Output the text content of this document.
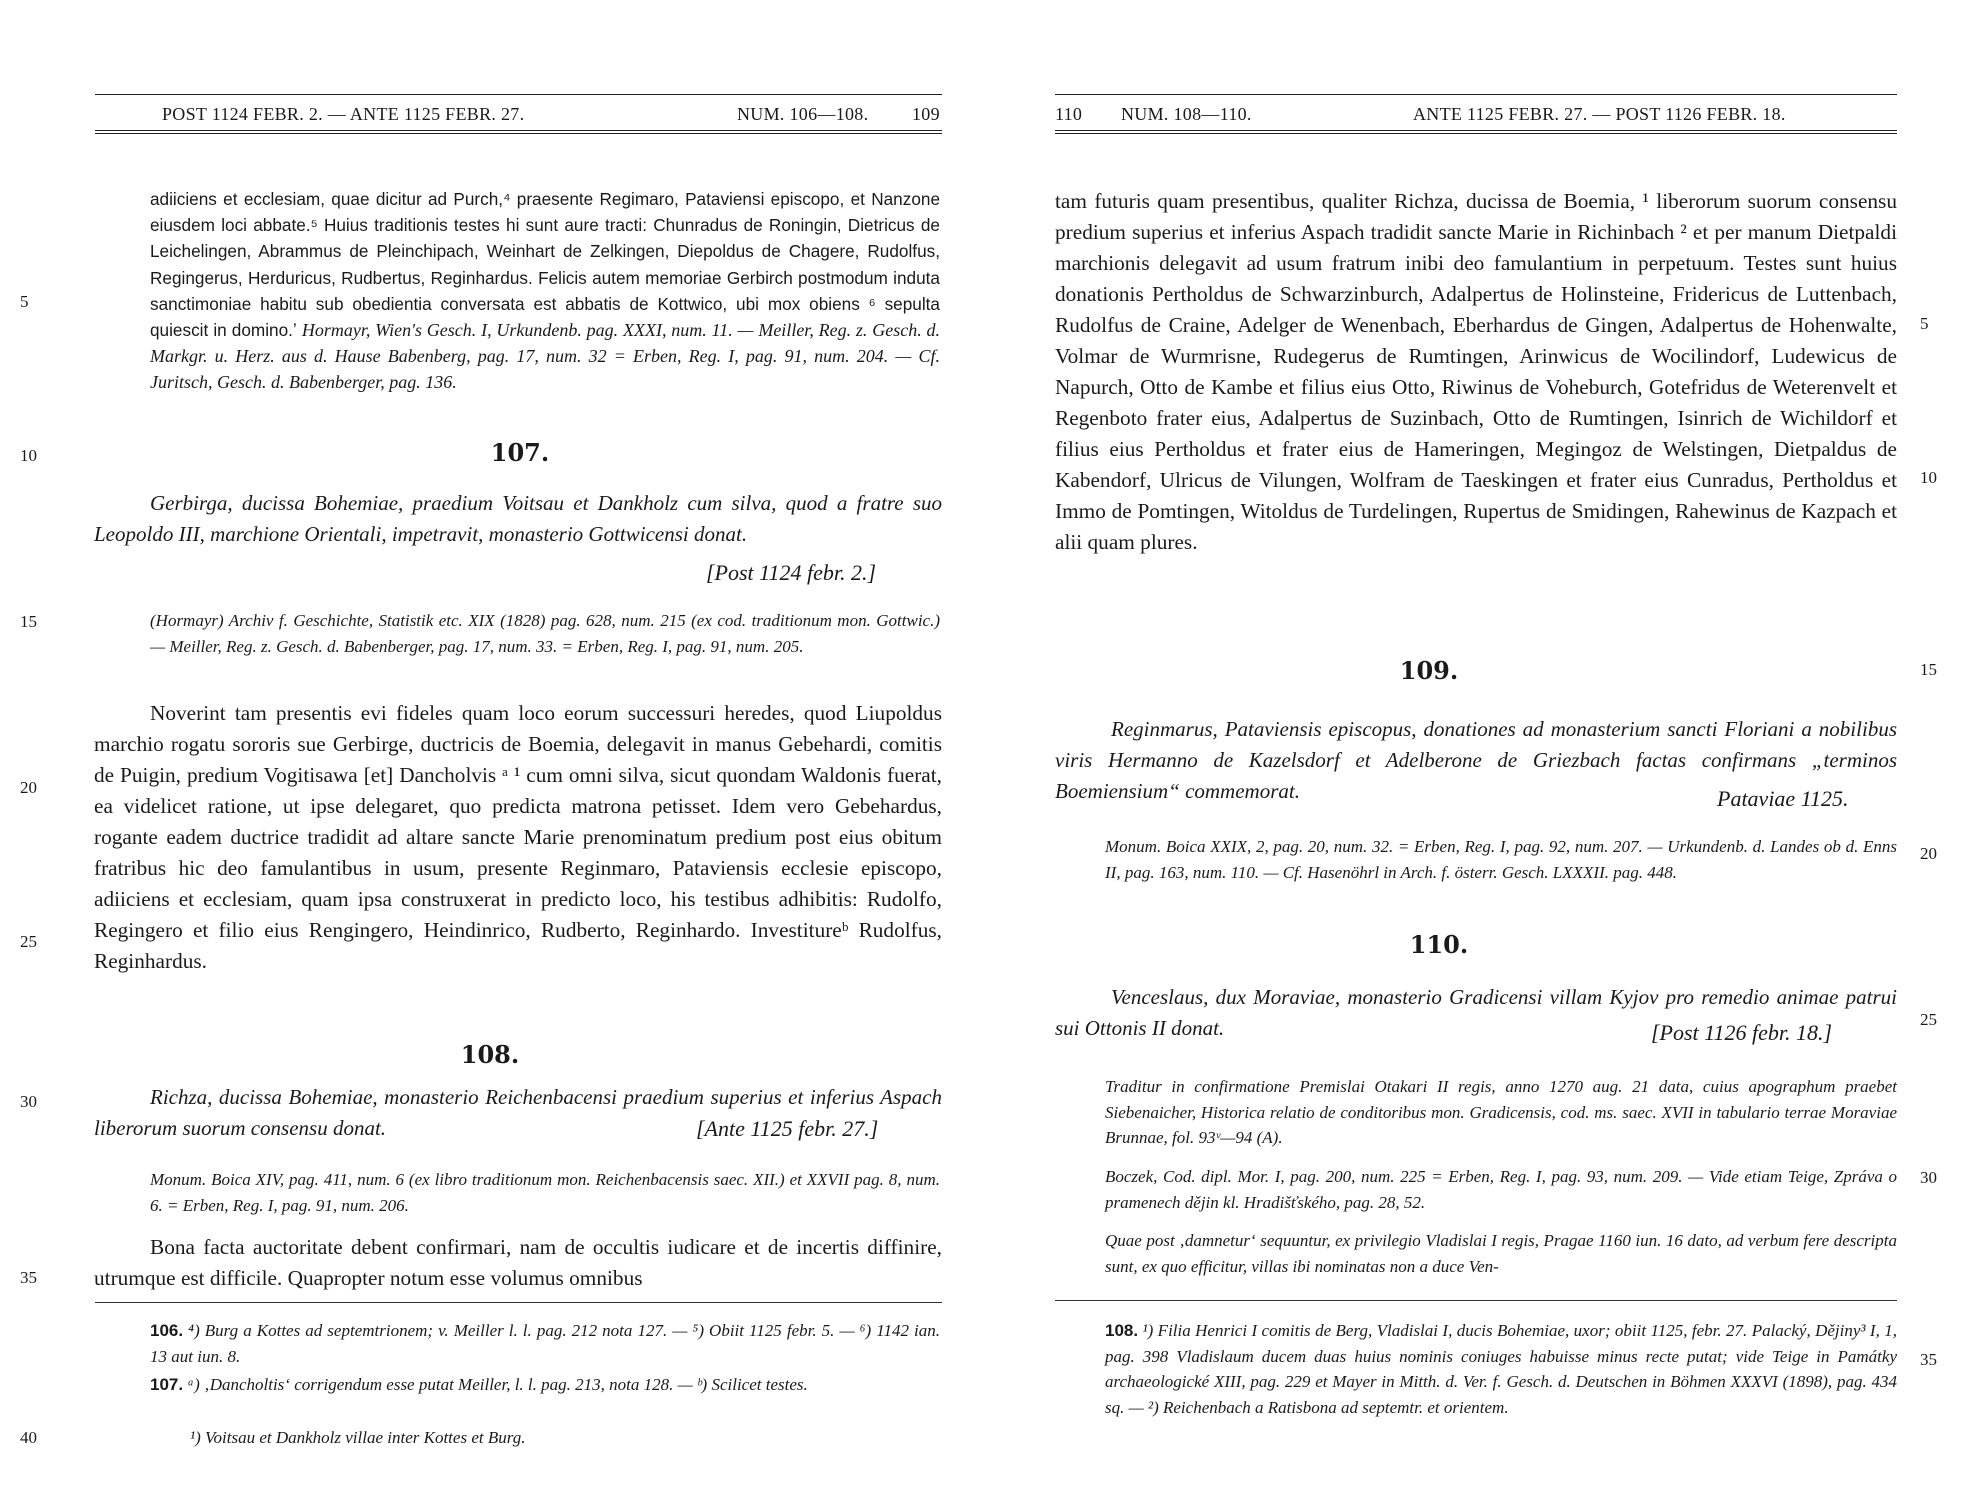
POST 1124 FEBR. 2. — ANTE 1125 FEBR. 27.	NUM. 106—108. 109
adiiciens et ecclesiam, quae dicitur ad Purch,⁴ praesente Regimaro, Pataviensi episcopo, et Nanzone eiusdem loci abbate.⁵ Huius traditionis testes hi sunt aure tracti: Chunradus de Roningin, Dietricus de Leichelingen, Abrammus de Pleinchipach, Weinhart de Zelkingen, Diepoldus de Chagere, Rudolfus, Regingerus, Herduricus, Rudbertus, Reginhardus. Felicis autem memoriae Gerbirch postmodum induta sanctimoniae habitu sub obedientia conversata est abbatis de Kottwico, ubi mox obiens ⁶ sepulta quiescit in domino.ʼ Hormayr, Wien's Gesch. I, Urkundenb. pag. XXXI, num. 11. — Meiller, Reg. z. Gesch. d. Markgr. u. Herz. aus d. Hause Babenberg, pag. 17, num. 32 = Erben, Reg. I, pag. 91, num. 204. — Cf. Juritsch, Gesch. d. Babenberger, pag. 136.
107.
Gerbirga, ducissa Bohemiae, praedium Voitsau et Dankholz cum silva, quod a fratre suo Leopoldo III, marchione Orientali, impetravit, monasterio Gottwicensi donat.
[Post 1124 febr. 2.]
(Hormayr) Archiv f. Geschichte, Statistik etc. XIX (1828) pag. 628, num. 215 (ex cod. traditionum mon. Gottwic.) — Meiller, Reg. z. Gesch. d. Babenberger, pag. 17, num. 33. = Erben, Reg. I, pag. 91, num. 205.
Noverint tam presentis evi fideles quam loco eorum successuri heredes, quod Liupoldus marchio rogatu sororis sue Gerbirge, ductricis de Boemia, delegavit in manus Gebehardi, comitis de Puigin, predium Vogitisawa [et] Dancholvis ᵃ ¹ cum omni silva, sicut quondam Waldonis fuerat, ea videlicet ratione, ut ipse delegaret, quo predicta matrona petisset. Idem vero Gebehardus, rogante eadem ductrice tradidit ad altare sancte Marie prenominatum predium post eius obitum fratribus hic deo famulantibus in usum, presente Reginmaro, Pataviensis ecclesie episcopo, adiiciens et ecclesiam, quam ipsa construxerat in predicto loco, his testibus adhibitis: Rudolfo, Regingero et filio eius Rengingero, Heindinrico, Rudberto, Reginhardo. Investitureᵇ Rudolfus, Reginhardus.
108.
Richza, ducissa Bohemiae, monasterio Reichenbacensi praedium superius et inferius Aspach liberorum suorum consensu donat.	[Ante 1125 febr. 27.]
Monum. Boica XIV, pag. 411, num. 6 (ex libro traditionum mon. Reichenbacensis saec. XII.) et XXVII pag. 8, num. 6. = Erben, Reg. I, pag. 91, num. 206.
Bona facta auctoritate debent confirmari, nam de occultis iudicare et de incertis diffinire, utrumque est difficile. Quapropter notum esse volumus omnibus
106. ⁴) Burg a Kottes ad septemtrionem; v. Meiller l. l. pag. 212 nota 127. — ⁵) Obiit 1125 febr. 5. — ⁶) 1142 ian. 13 aut iun. 8.
107. ᵃ) ‚Dancholtis‘ corrigendum esse putat Meiller, l. l. pag. 213, nota 128. — ᵇ) Scilicet testes.
¹) Voitsau et Dankholz villae inter Kottes et Burg.
5
10
15
20
25
30
35
40
110 NUM. 108—110.	ANTE 1125 FEBR. 27. — POST 1126 FEBR. 18.
tam futuris quam presentibus, qualiter Richza, ducissa de Boemia, ¹ liberorum suorum consensu predium superius et inferius Aspach tradidit sancte Marie in Richinbach ² et per manum Dietpaldi marchionis delegavit ad usum fratrum inibi deo famulantium in perpetuum. Testes sunt huius donationis Pertholdus de Schwarzinburch, Adalpertus de Holinsteine, Fridericus de Luttenbach, Rudolfus de Craine, Adelger de Wenenbach, Eberhardus de Gingen, Adalpertus de Hohenwalte, Volmar de Wurmrisne, Rudegerus de Rumtingen, Arinwicus de Wocilindorf, Ludewicus de Napurch, Otto de Kambe et filius eius Otto, Riwinus de Voheburch, Gotefridus de Weterenvelt et Regenboto frater eius, Adalpertus de Suzinbach, Otto de Rumtingen, Isinrich de Wichildorf et filius eius Pertholdus et frater eius de Hameringen, Megingoz de Welstingen, Dietpaldus de Kabendorf, Ulricus de Vilungen, Wolfram de Taeskingen et frater eius Cunradus, Pertholdus et Immo de Pomtingen, Witoldus de Turdelingen, Rupertus de Smidingen, Rahewinus de Kazpach et alii quam plures.
109.
Reginmarus, Pataviensis episcopus, donationes ad monasterium sancti Floriani a nobilibus viris Hermanno de Kazelsdorf et Adelberone de Griezbach factas confirmans „terminos Boemiensium“ commemorat.	Pataviae 1125.
Monum. Boica XXIX, 2, pag. 20, num. 32. = Erben, Reg. I, pag. 92, num. 207. — Urkundenb. d. Landes ob d. Enns II, pag. 163, num. 110. — Cf. Hasenöhrl in Arch. f. österr. Gesch. LXXXII. pag. 448.
110.
Venceslaus, dux Moraviae, monasterio Gradicensi villam Kyjov pro remedio animae patrui sui Ottonis II donat.	[Post 1126 febr. 18.]
Traditur in confirmatione Premislai Otakari II regis, anno 1270 aug. 21 data, cuius apographum praebet Siebenaicher, Historica relatio de conditoribus mon. Gradicensis, cod. ms. saec. XVII in tabulario terrae Moraviae Brunnae, fol. 93ᵛ—94 (A).
Boczek, Cod. dipl. Mor. I, pag. 200, num. 225 = Erben, Reg. I, pag. 93, num. 209. — Vide etiam Teige, Zpráva o pramenech dějin kl. Hradišťského, pag. 28, 52.
Quae post ‚damnetur‘ sequuntur, ex privilegio Vladislai I regis, Pragae 1160 iun. 16 dato, ad verbum fere descripta sunt, ex quo efficitur, villas ibi nominatas non a duce Ven-
108. ¹) Filia Henrici I comitis de Berg, Vladislai I, ducis Bohemiae, uxor; obiit 1125, febr. 27. Palacký, Dějiny³ I, 1, pag. 398 Vladislaum ducem duas huius nominis coniuges habuisse minus recte putat; vide Teige in Památky archaeologické XIII, pag. 229 et Mayer in Mitth. d. Ver. f. Gesch. d. Deutschen in Böhmen XXXVI (1898), pag. 434 sq. — ²) Reichenbach a Ratisbona ad septemtr. et orientem.
5
10
15
20
25
30
35
